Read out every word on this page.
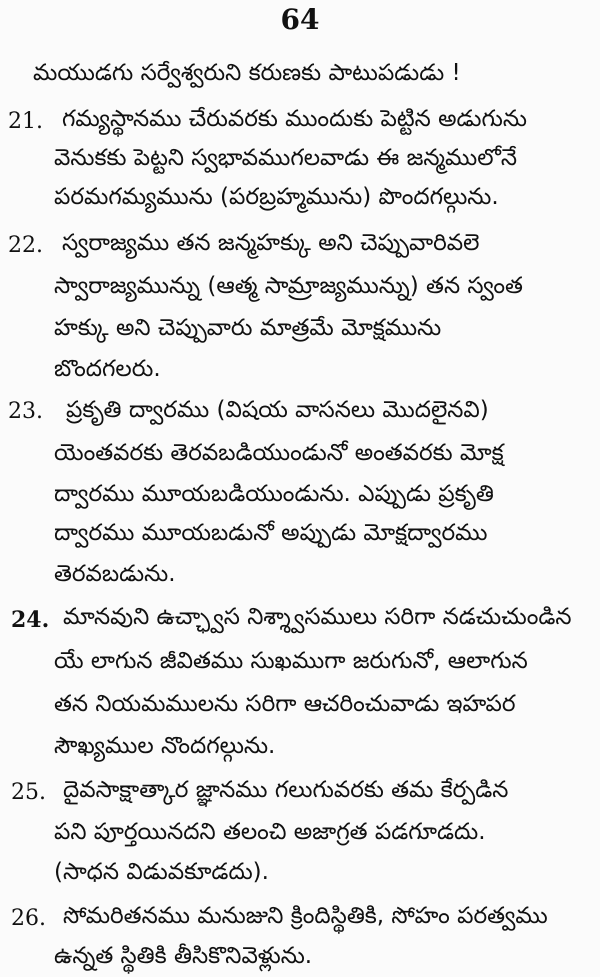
64
మయుడగు సర్వేశ్వరుని కరుణకు పాటుపడుడు !
21. గమ్యస్థానము చేరువరకు ముందుకు పెట్టిన అడుగును
వెనుకకు పెట్టని స్వభావముగలవాడు ఈ జన్మములోనే
పరమగమ్యమును (పరబ్రహ్మమును) పొందగల్గును.
22. స్వరాజ్యము తన జన్మహక్కు అని చెప్పువారివలె
స్వారాజ్యమున్ను (ఆత్మ సామ్రాజ్యమున్ను) తన స్వంత
హక్కు అని చెప్పువారు మాత్రమే మోక్షమును
బొందగలరు.
23. ప్రకృతి ద్వారము (విషయ వాసనలు మొదలైనవి)
యెంతవరకు తెరవబడియుండునో అంతవరకు మోక్ష
ద్వారము మూయబడియుండును. ఎప్పుడు ప్రకృతి
ద్వారము మూయబడునో అప్పుడు మోక్షద్వారము
తెరవబడును.
24. మానవుని ఉచ్ఛ్వాస నిశ్శ్వాసములు సరిగా నడచుచుండిన
యే లాగున జీవితము సుఖముగా జరుగునో, ఆలాగున
తన నియమములను సరిగా ఆచరించువాడు ఇహపర
సౌఖ్యముల నొందగల్గును.
25. దైవసాక్షాత్కార జ్ఞానము గలుగువరకు తమ కేర్పడిన
పని పూర్తయినదని తలంచి అజాగ్రత పడగూడదు.
(సాధన విడువకూడదు).
26. సోమరితనము మనుజుని క్రిందిస్థితికి, సోహం పరత్వము
ఉన్నత స్థితికి తీసికొనివెళ్లును.
